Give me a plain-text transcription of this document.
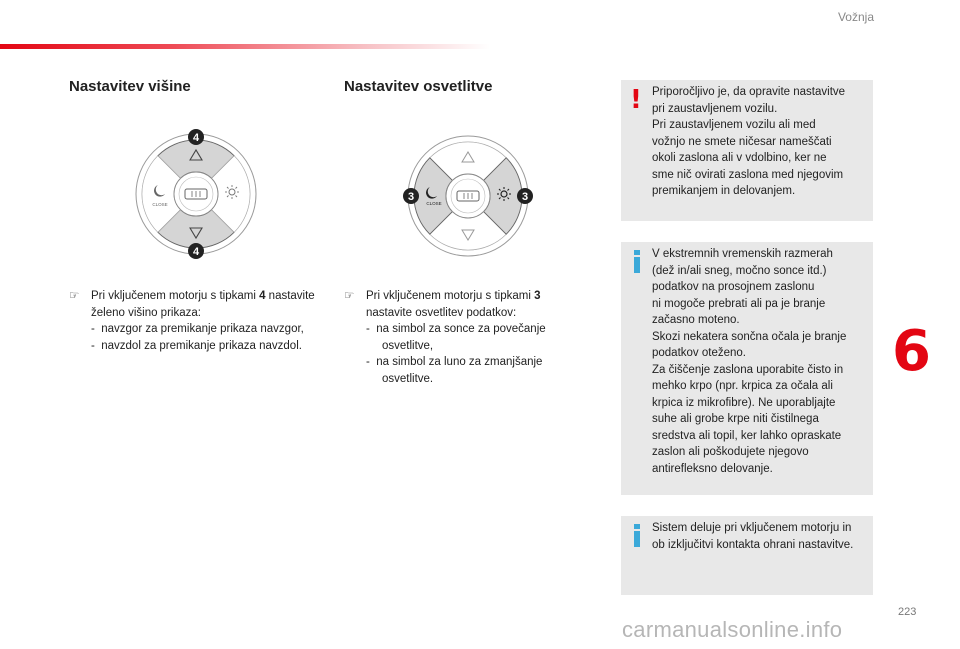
Vožnja
Nastavitev višine
CLOSE
4
4
☞ Pri vključenem motorju s tipkami 4 nastavite želeno višino prikaza:
-  navzgor za premikanje prikaza navzgor,
-  navzdol za premikanje prikaza navzdol.
Nastavitev osvetlitve
CLOSE
3	3
☞ Pri vključenem motorju s tipkami 3 nastavite osvetlitev podatkov:
-  na simbol za sonce za povečanje osvetlitve,
-  na simbol za luno za zmanjšanje osvetlitve.
! Priporočljivo je, da opravite nastavitve
pri zaustavljenem vozilu.
Pri zaustavljenem vozilu ali med
vožnjo ne smete ničesar nameščati
okoli zaslona ali v vdolbino, ker ne
sme nič ovirati zaslona med njegovim
premikanjem in delovanjem.
V ekstremnih vremenskih razmerah
(dež in/ali sneg, močno sonce itd.)
podatkov na prosojnem zaslonu
ni mogoče prebrati ali pa je branje
začasno moteno.
Skozi nekatera sončna očala je branje
podatkov oteženo.
Za čiščenje zaslona uporabite čisto in
mehko krpo (npr. krpica za očala ali
krpica iz mikrofibre). Ne uporabljajte
suhe ali grobe krpe niti čistilnega
sredstva ali topil, ker lahko opraskate
zaslon ali poškodujete njegovo
antirefleksno delovanje.
Sistem deluje pri vključenem motorju in
ob izključitvi kontakta ohrani nastavitve.
6
223
carmanualsonline.info
